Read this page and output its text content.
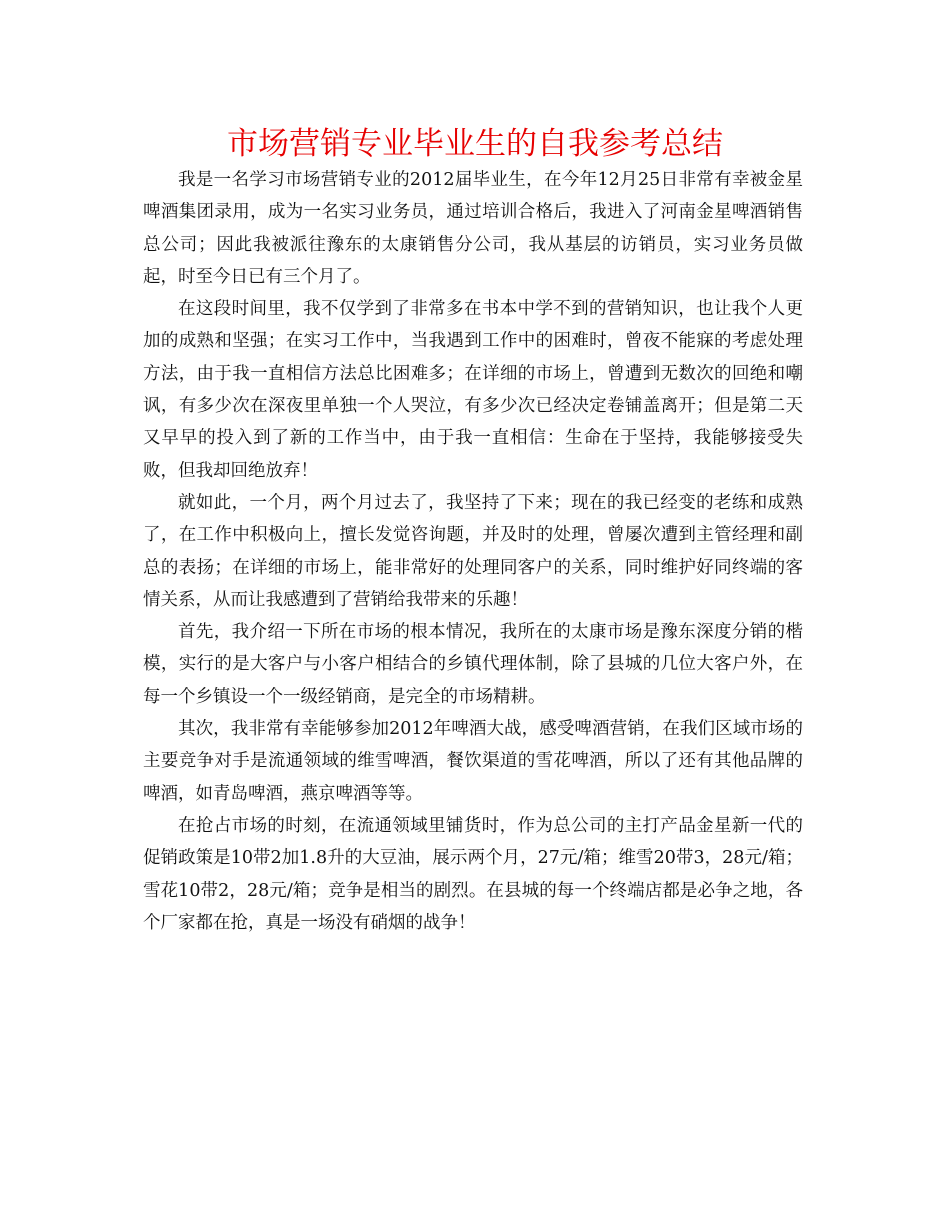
市场营销专业毕业生的自我参考总结

我是一名学习市场营销专业的2012届毕业生，在今年12月25日非常有幸被金星啤酒集团录用，成为一名实习业务员，通过培训合格后，我进入了河南金星啤酒销售总公司；因此我被派往豫东的太康销售分公司，我从基层的访销员，实习业务员做起，时至今日已有三个月了。

在这段时间里，我不仅学到了非常多在书本中学不到的营销知识，也让我个人更加的成熟和坚强；在实习工作中，当我遇到工作中的困难时，曾夜不能寐的考虑处理方法，由于我一直相信方法总比困难多；在详细的市场上，曾遭到无数次的回绝和嘲讽，有多少次在深夜里单独一个人哭泣，有多少次已经决定卷铺盖离开；但是第二天又早早的投入到了新的工作当中，由于我一直相信：生命在于坚持，我能够接受失败，但我却回绝放弃！

就如此，一个月，两个月过去了，我坚持了下来；现在的我已经变的老练和成熟了，在工作中积极向上，擅长发觉咨询题，并及时的处理，曾屡次遭到主管经理和副总的表扬；在详细的市场上，能非常好的处理同客户的关系，同时维护好同终端的客情关系，从而让我感遭到了营销给我带来的乐趣！

首先，我介绍一下所在市场的根本情况，我所在的太康市场是豫东深度分销的楷模，实行的是大客户与小客户相结合的乡镇代理体制，除了县城的几位大客户外，在每一个乡镇设一个一级经销商，是完全的市场精耕。

其次，我非常有幸能够参加2012年啤酒大战，感受啤酒营销，在我们区域市场的主要竞争对手是流通领域的维雪啤酒，餐饮渠道的雪花啤酒，所以了还有其他品牌的啤酒，如青岛啤酒，燕京啤酒等等。

在抢占市场的时刻，在流通领域里铺货时，作为总公司的主打产品金星新一代的促销政策是10带2加1.8升的大豆油，展示两个月，27元/箱；维雪20带3，28元/箱；雪花10带2，28元/箱；竞争是相当的剧烈。在县城的每一个终端店都是必争之地，各个厂家都在抢，真是一场没有硝烟的战争！
